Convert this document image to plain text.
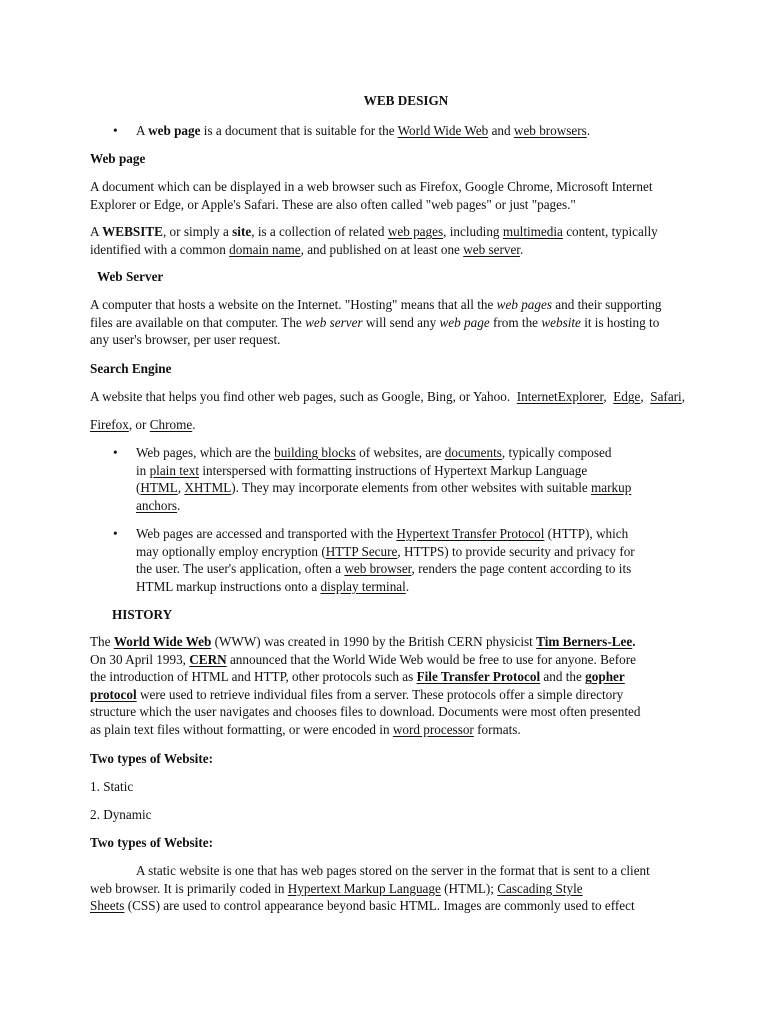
WEB DESIGN
• A web page is a document that is suitable for the World Wide Web and web browsers.
Web page
A document which can be displayed in a web browser such as Firefox, Google Chrome, Microsoft Internet
Explorer or Edge, or Apple's Safari. These are also often called "web pages" or just "pages."
A WEBSITE, or simply a site, is a collection of related web pages, including multimedia content, typically
identified with a common domain name, and published on at least one web server.
Web Server
A computer that hosts a website on the Internet. "Hosting" means that all the web pages and their supporting
files are available on that computer. The web server will send any web page from the website it is hosting to
any user's browser, per user request.
Search Engine
A website that helps you find other web pages, such as Google, Bing, or Yahoo. InternetExplorer, Edge, Safari,
Firefox, or Chrome.
• Web pages, which are the building blocks of websites, are documents, typically composed
in plain text interspersed with formatting instructions of Hypertext Markup Language
(HTML, XHTML). They may incorporate elements from other websites with suitable markup
anchors.
• Web pages are accessed and transported with the Hypertext Transfer Protocol (HTTP), which
may optionally employ encryption (HTTP Secure, HTTPS) to provide security and privacy for
the user. The user's application, often a web browser, renders the page content according to its
HTML markup instructions onto a display terminal.
HISTORY
The World Wide Web (WWW) was created in 1990 by the British CERN physicist Tim Berners-Lee.
On 30 April 1993, CERN announced that the World Wide Web would be free to use for anyone. Before
the introduction of HTML and HTTP, other protocols such as File Transfer Protocol and the gopher
protocol were used to retrieve individual files from a server. These protocols offer a simple directory
structure which the user navigates and chooses files to download. Documents were most often presented
as plain text files without formatting, or were encoded in word processor formats.
Two types of Website:
1. Static
2. Dynamic
Two types of Website:
A static website is one that has web pages stored on the server in the format that is sent to a client
web browser. It is primarily coded in Hypertext Markup Language (HTML); Cascading Style
Sheets (CSS) are used to control appearance beyond basic HTML. Images are commonly used to effect
